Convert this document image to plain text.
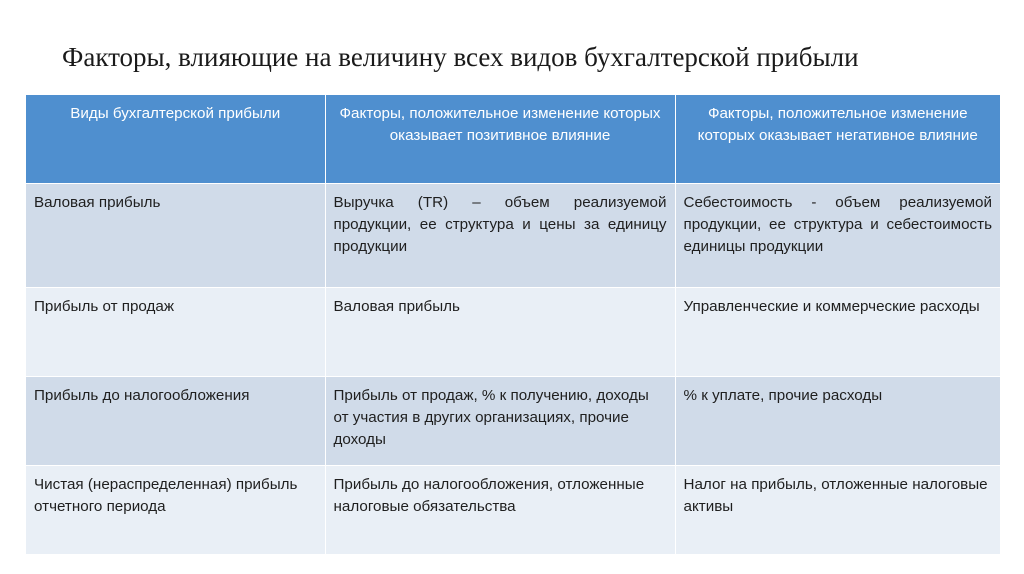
Факторы, влияющие на величину всех видов бухгалтерской прибыли
Виды бухгалтерской прибыли	Факторы, положительное изменение которых оказывает позитивное влияние	Факторы, положительное изменение которых оказывает негативное влияние
Валовая прибыль	Выручка (TR) – объем реализуемой продукции, ее структура и цены за единицу продукции	Себестоимость - объем реализуемой продукции, ее структура и себестоимость единицы продукции
Прибыль от продаж	Валовая прибыль	Управленческие и коммерческие расходы
Прибыль до налогообложения	Прибыль от продаж, % к получению, доходы от участия в других организациях, прочие доходы	% к уплате, прочие расходы
Чистая (нераспределенная) прибыль отчетного периода	Прибыль до налогообложения, отложенные налоговые обязательства	Налог на прибыль, отложенные налоговые активы
